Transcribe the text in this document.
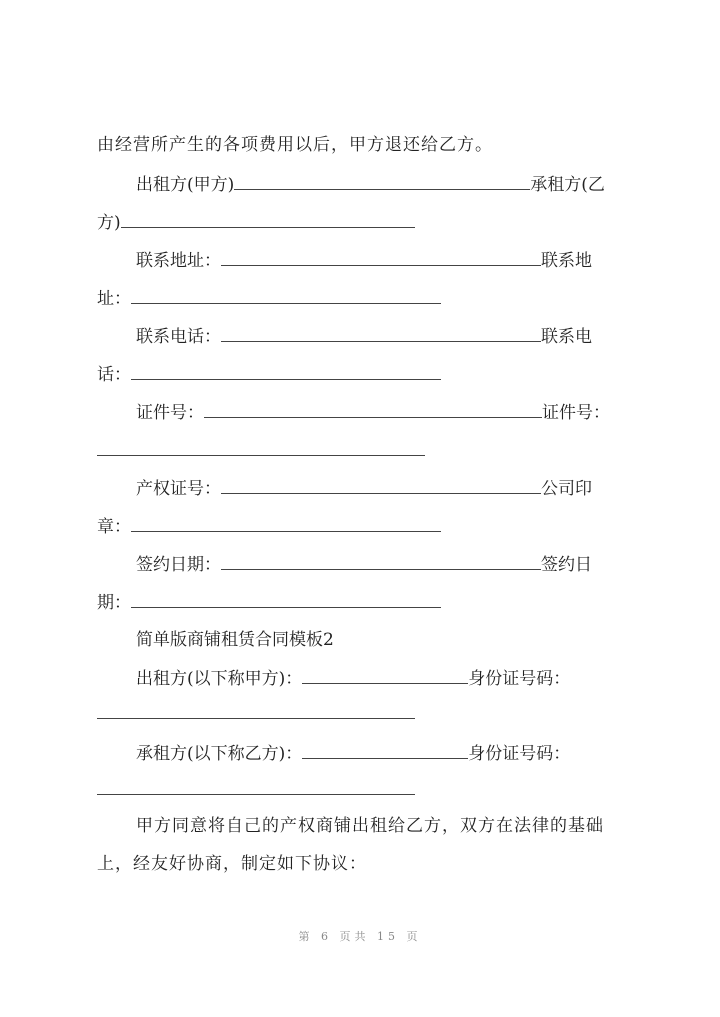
由经营所产生的各项费用以后，甲方退还给乙方。
出租方(甲方)	承租方(乙
方)
联系地址：	联系地
址：
联系电话：	联系电
话：
证件号：	证件号：
产权证号：	公司印
章：
签约日期：	签约日
期：
简单版商铺租赁合同模板2
出租方(以下称甲方)：	身份证号码：
承租方(以下称乙方)：	身份证号码：
甲方同意将自己的产权商铺出租给乙方，双方在法律的基础
上，经友好协商，制定如下协议：
第 6 页共 15 页
